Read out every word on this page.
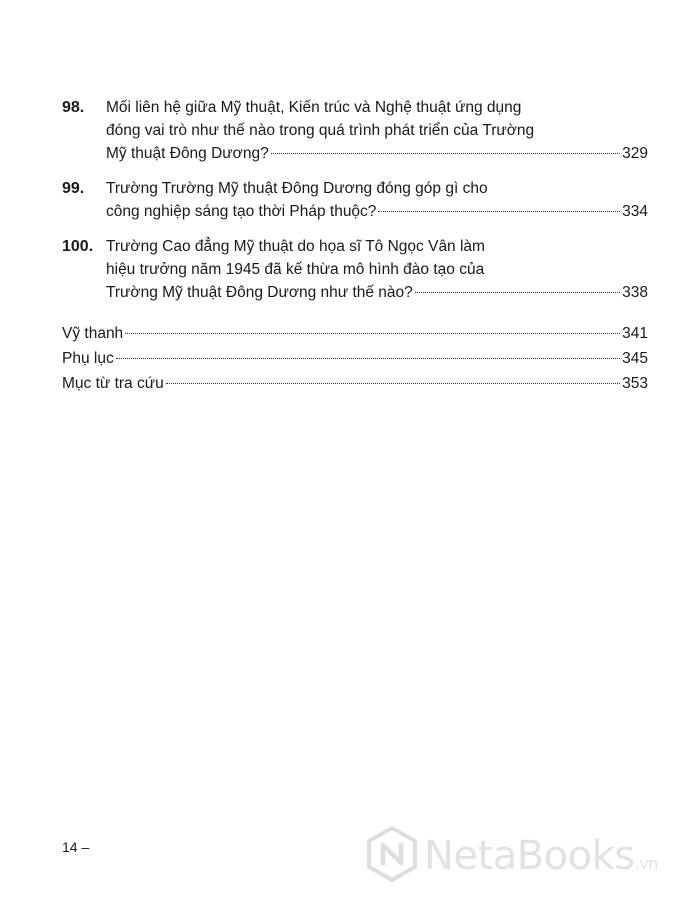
98.	Mối liên hệ giữa Mỹ thuật, Kiến trúc và Nghệ thuật ứng dụng
đóng vai trò như thế nào trong quá trình phát triển của Trường
Mỹ thuật Đông Dương?	329
99.	Trường Trường Mỹ thuật Đông Dương đóng góp gì cho
công nghiệp sáng tạo thời Pháp thuộc?	334
100. Trường Cao đẳng Mỹ thuật do họa sĩ Tô Ngọc Vân làm
hiệu trưởng năm 1945 đã kế thừa mô hình đào tạo của
Trường Mỹ thuật Đông Dương như thế nào?	338
Vỹ thanh	341
Phụ lục	345
Mục từ tra cứu	353
14 –	NetaBooks.vn
